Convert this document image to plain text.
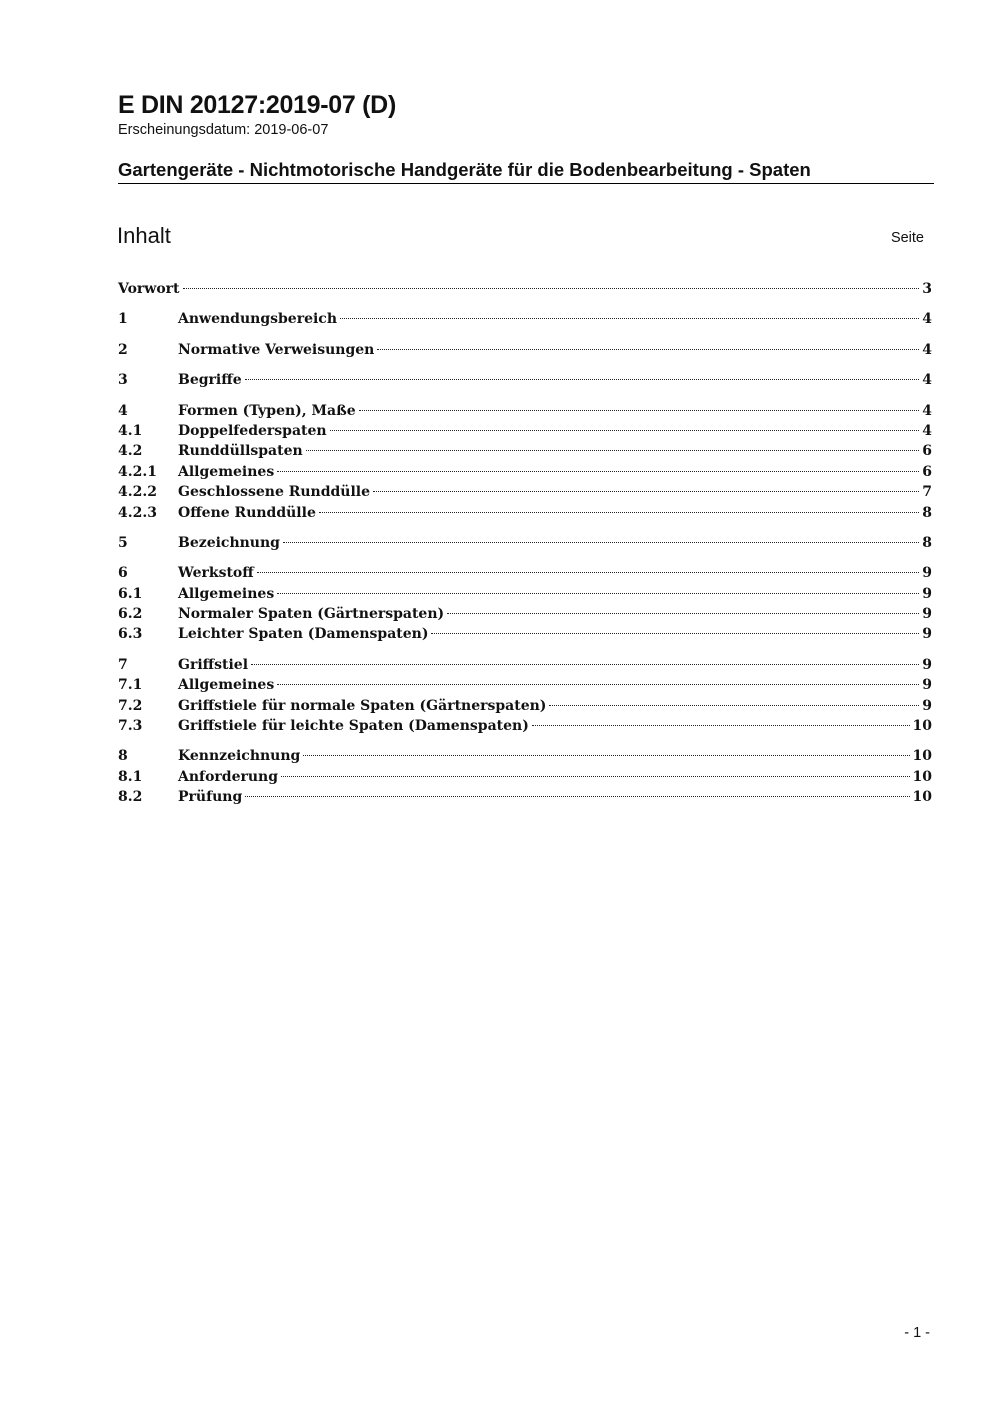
E DIN 20127:2019-07 (D)
Erscheinungsdatum: 2019-06-07
Gartengeräte - Nichtmotorische Handgeräte für die Bodenbearbeitung - Spaten
Inhalt	Seite
Vorwort	3
1	Anwendungsbereich	4
2	Normative Verweisungen	4
3	Begriffe	4
4	Formen (Typen), Maße	4
4.1	Doppelfederspaten	4
4.2	Runddüllspaten	6
4.2.1	Allgemeines	6
4.2.2	Geschlossene Runddülle	7
4.2.3	Offene Runddülle	8
5	Bezeichnung	8
6	Werkstoff	9
6.1	Allgemeines	9
6.2	Normaler Spaten (Gärtnerspaten)	9
6.3	Leichter Spaten (Damenspaten)	9
7	Griffstiel	9
7.1	Allgemeines	9
7.2	Griffstiele für normale Spaten (Gärtnerspaten)	9
7.3	Griffstiele für leichte Spaten (Damenspaten)	10
8	Kennzeichnung	10
8.1	Anforderung	10
8.2	Prüfung	10
- 1 -
